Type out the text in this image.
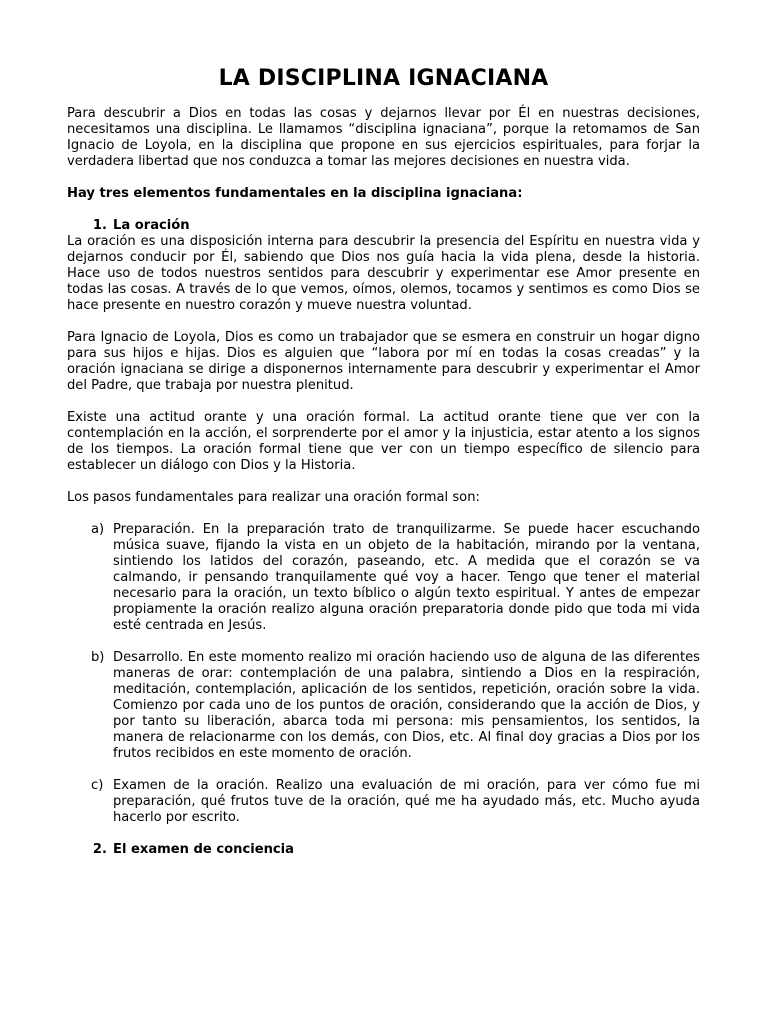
LA DISCIPLINA IGNACIANA

Para descubrir a Dios en todas las cosas y dejarnos llevar por Él en nuestras decisiones, necesitamos una disciplina. Le llamamos “disciplina ignaciana”, porque la retomamos de San Ignacio de Loyola, en la disciplina que propone en sus ejercicios espirituales, para forjar la verdadera libertad que nos conduzca a tomar las mejores decisiones en nuestra vida.

Hay tres elementos fundamentales en la disciplina ignaciana:

1. La oración

La oración es una disposición interna para descubrir la presencia del Espíritu en nuestra vida y dejarnos conducir por Él, sabiendo que Dios nos guía hacia la vida plena, desde la historia. Hace uso de todos nuestros sentidos para descubrir y experimentar ese Amor presente en todas las cosas. A través de lo que vemos, oímos, olemos, tocamos y sentimos es como Dios se hace presente en nuestro corazón y mueve nuestra voluntad.

Para Ignacio de Loyola, Dios es como un trabajador que se esmera en construir un hogar digno para sus hijos e hijas. Dios es alguien que “labora por mí en todas la cosas creadas” y la oración ignaciana se dirige a disponernos internamente para descubrir y experimentar el Amor del Padre, que trabaja por nuestra plenitud.

Existe una actitud orante y una oración formal. La actitud orante tiene que ver con la contemplación en la acción, el sorprenderte por el amor y la injusticia, estar atento a los signos de los tiempos. La oración formal tiene que ver con un tiempo específico de silencio para establecer un diálogo con Dios y la Historia.

Los pasos fundamentales para realizar una oración formal son:

a) Preparación. En la preparación trato de tranquilizarme. Se puede hacer escuchando música suave, fijando la vista en un objeto de la habitación, mirando por la ventana, sintiendo los latidos del corazón, paseando, etc. A medida que el corazón se va calmando, ir pensando tranquilamente qué voy a hacer. Tengo que tener el material necesario para la oración, un texto bíblico o algún texto espiritual. Y antes de empezar propiamente la oración realizo alguna oración preparatoria donde pido que toda mi vida esté centrada en Jesús.
b) Desarrollo. En este momento realizo mi oración haciendo uso de alguna de las diferentes maneras de orar: contemplación de una palabra, sintiendo a Dios en la respiración, meditación, contemplación, aplicación de los sentidos, repetición, oración sobre la vida. Comienzo por cada uno de los puntos de oración, considerando que la acción de Dios, y por tanto su liberación, abarca toda mi persona: mis pensamientos, los sentidos, la manera de relacionarme con los demás, con Dios, etc. Al final doy gracias a Dios por los frutos recibidos en este momento de oración.
c) Examen de la oración. Realizo una evaluación de mi oración, para ver cómo fue mi preparación, qué frutos tuve de la oración, qué me ha ayudado más, etc. Mucho ayuda hacerlo por escrito.
2. El examen de conciencia
